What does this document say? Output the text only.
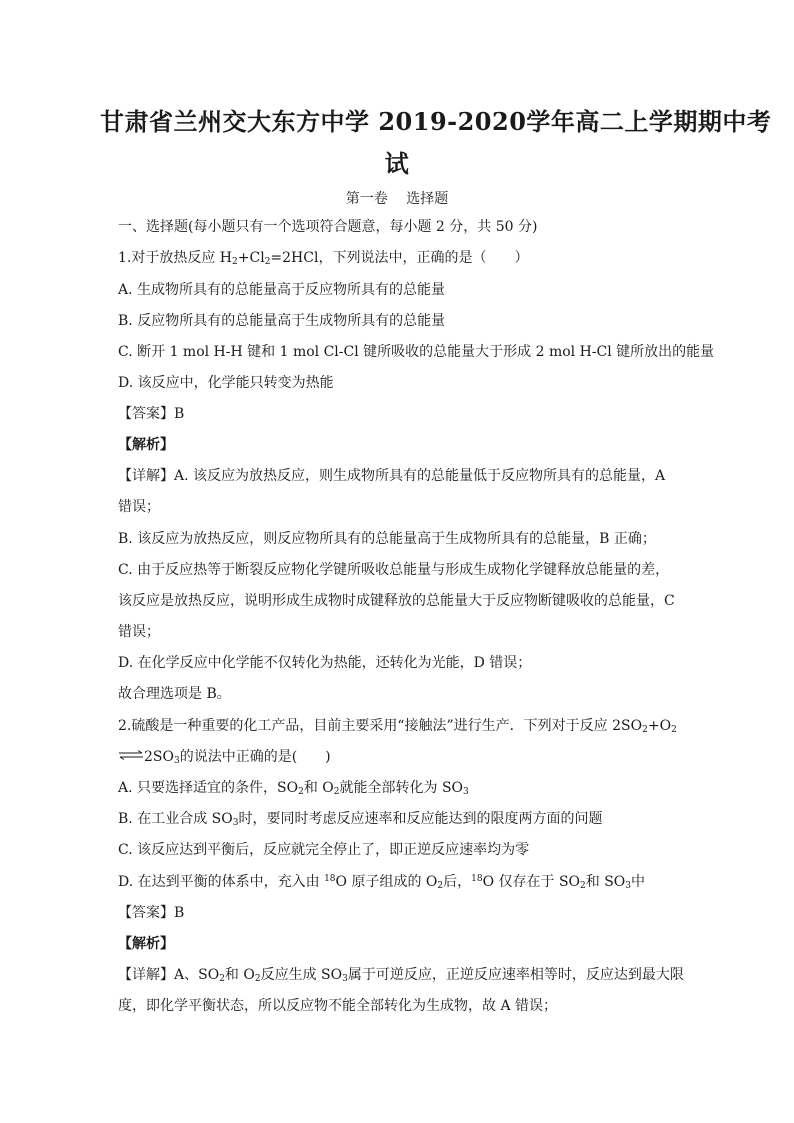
甘肃省兰州交大东方中学 2019-2020学年高二上学期期中考
试
第一卷　 选择题
一、选择题(每小题只有一个选项符合题意，每小题 2 分，共 50 分)
1.对于放热反应 $H_2+Cl_2=2HCl$，下列说法中，正确的是（　　）
A. 生成物所具有的总能量高于反应物所具有的总能量
B. 反应物所具有的总能量高于生成物所具有的总能量
C. 断开 1 mol H-H 键和 1 mol Cl-Cl 键所吸收的总能量大于形成 2 mol H-Cl 键所放出的能量
D. 该反应中，化学能只转变为热能
【答案】B
【解析】
【详解】A. 该反应为放热反应，则生成物所具有的总能量低于反应物所具有的总能量，A
错误；
B. 该反应为放热反应，则反应物所具有的总能量高于生成物所具有的总能量，B 正确；
C. 由于反应热等于断裂反应物化学键所吸收总能量与形成生成物化学键释放总能量的差，
该反应是放热反应，说明形成生成物时成键释放的总能量大于反应物断键吸收的总能量，C
错误；
D. 在化学反应中化学能不仅转化为热能，还转化为光能，D 错误；
故合理选项是 B。
2.硫酸是一种重要的化工产品，目前主要采用“接触法”进行生产．下列对于反应 $2SO_2+O_2$
$\rightleftharpoons 2SO_3$的说法中正确的是(　　)
A. 只要选择适宜的条件，$SO_2$和 $O_2$就能全部转化为 $SO_3$
B. 在工业合成 $SO_3$时，要同时考虑反应速率和反应能达到的限度两方面的问题
C. 该反应达到平衡后，反应就完全停止了，即正逆反应速率均为零
D. 在达到平衡的体系中，充入由 $^{18}$O 原子组成的 $O_2$后，$^{18}$O 仅存在于 $SO_2$和 $SO_3$中
【答案】B
【解析】
【详解】A、$SO_2$和 $O_2$反应生成 $SO_3$属于可逆反应，正逆反应速率相等时，反应达到最大限
度，即化学平衡状态，所以反应物不能全部转化为生成物，故 A 错误；
